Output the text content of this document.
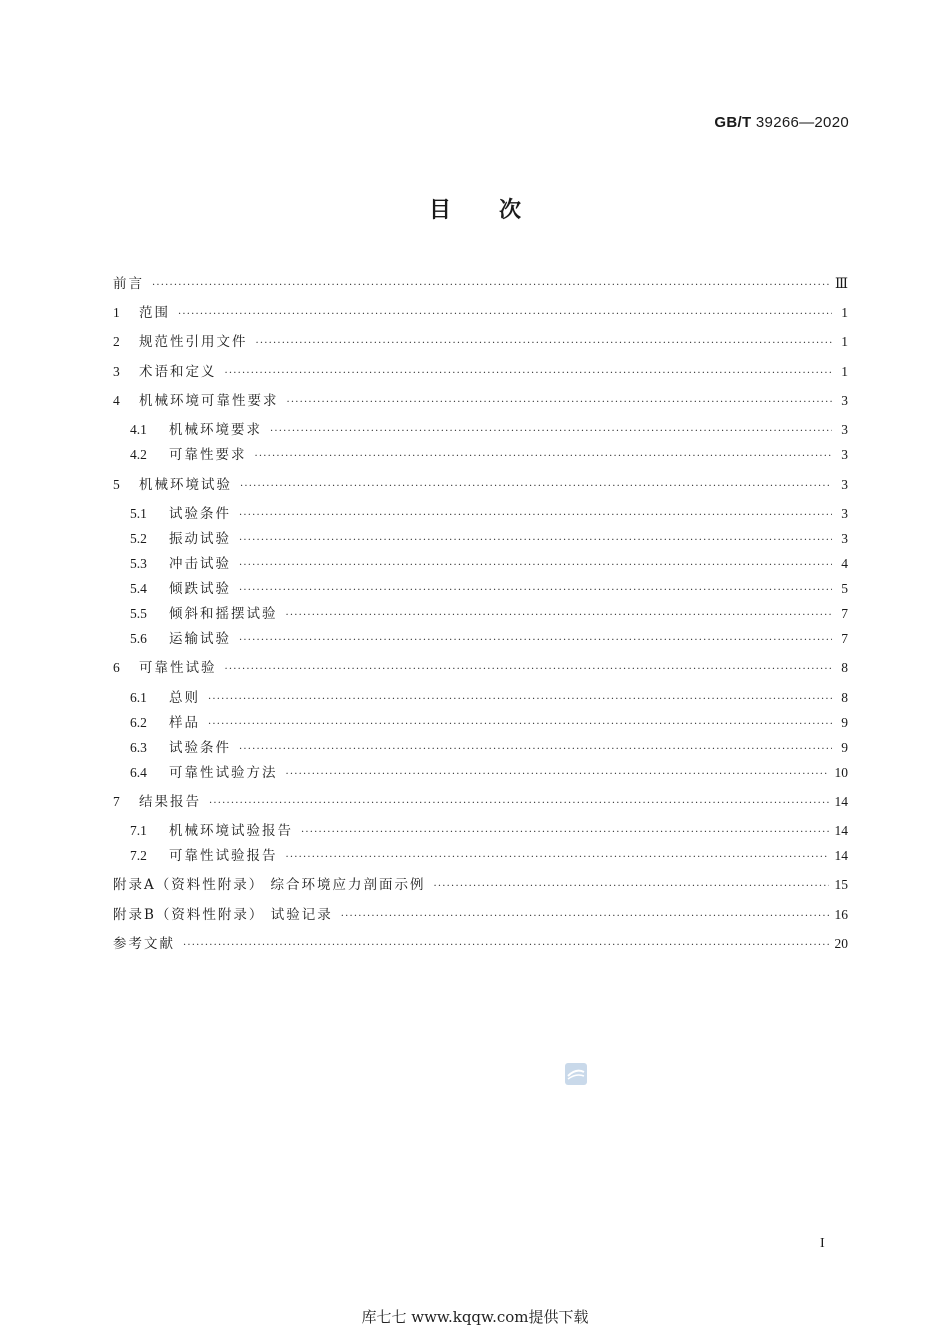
GB/T 39266—2020
目次
前言 ·····	Ⅲ
1	范围 ·····	1
2	规范性引用文件 ·····	1
3	术语和定义 ·····	1
4	机械环境可靠性要求 ·····	3
4.1	机械环境要求 ·····	3
4.2	可靠性要求 ·····	3
5	机械环境试验 ·····	3
5.1	试验条件 ·····	3
5.2	振动试验 ·····	3
5.3	冲击试验 ·····	4
5.4	倾跌试验 ·····	5
5.5	倾斜和摇摆试验 ·····	7
5.6	运输试验 ·····	7
6	可靠性试验 ·····	8
6.1	总则 ·····	8
6.2	样品 ·····	9
6.3	试验条件 ·····	9
6.4	可靠性试验方法 ·····	10
7	结果报告 ·····	14
7.1	机械环境试验报告 ·····	14
7.2	可靠性试验报告 ·····	14
附录A（资料性附录） 综合环境应力剖面示例 ·····	15
附录B（资料性附录） 试验记录 ·····	16
参考文献 ·····	20
I
库七七 www.kqqw.com提供下载
